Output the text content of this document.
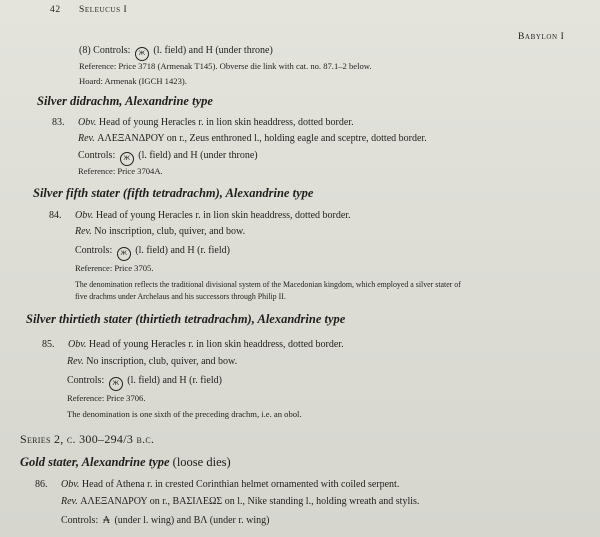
42 Seleucus I
Babylon I
(8) Controls: Ж (l. field) and H (under throne)
Reference: Price 3718 (Armenak T145). Obverse die link with cat. no. 87.1–2 below.
Hoard: Armenak (IGCH 1423).
Silver didrachm, Alexandrine type
83. Obv. Head of young Heracles r. in lion skin headdress, dotted border.
Rev. ΑΛΕΞΑΝΔΡΟΥ on r., Zeus enthroned l., holding eagle and sceptre, dotted border.
Controls: Ж (l. field) and H (under throne)
Reference: Price 3704A.
Silver fifth stater (fifth tetradrachm), Alexandrine type
84. Obv. Head of young Heracles r. in lion skin headdress, dotted border.
Rev. No inscription, club, quiver, and bow.
Controls: Ж (l. field) and H (r. field)
Reference: Price 3705.
The denomination reflects the traditional divisional system of the Macedonian kingdom, which employed a silver stater of
five drachms under Archelaus and his successors through Philip II.
Silver thirtieth stater (thirtieth tetradrachm), Alexandrine type
85. Obv. Head of young Heracles r. in lion skin headdress, dotted border.
Rev. No inscription, club, quiver, and bow.
Controls: Ж (l. field) and H (r. field)
Reference: Price 3706.
The denomination is one sixth of the preceding drachm, i.e. an obol.
Series 2, c. 300–294/3 b.c.
Gold stater, Alexandrine type (loose dies)
86. Obv. Head of Athena r. in crested Corinthian helmet ornamented with coiled serpent.
Rev. ΑΛΕΞΑΝΔΡΟΥ on r., ΒΑΣΙΛΕΩΣ on l., Nike standing l., holding wreath and stylis.
Controls: ₳ (under l. wing) and ΒΛ (under r. wing)
